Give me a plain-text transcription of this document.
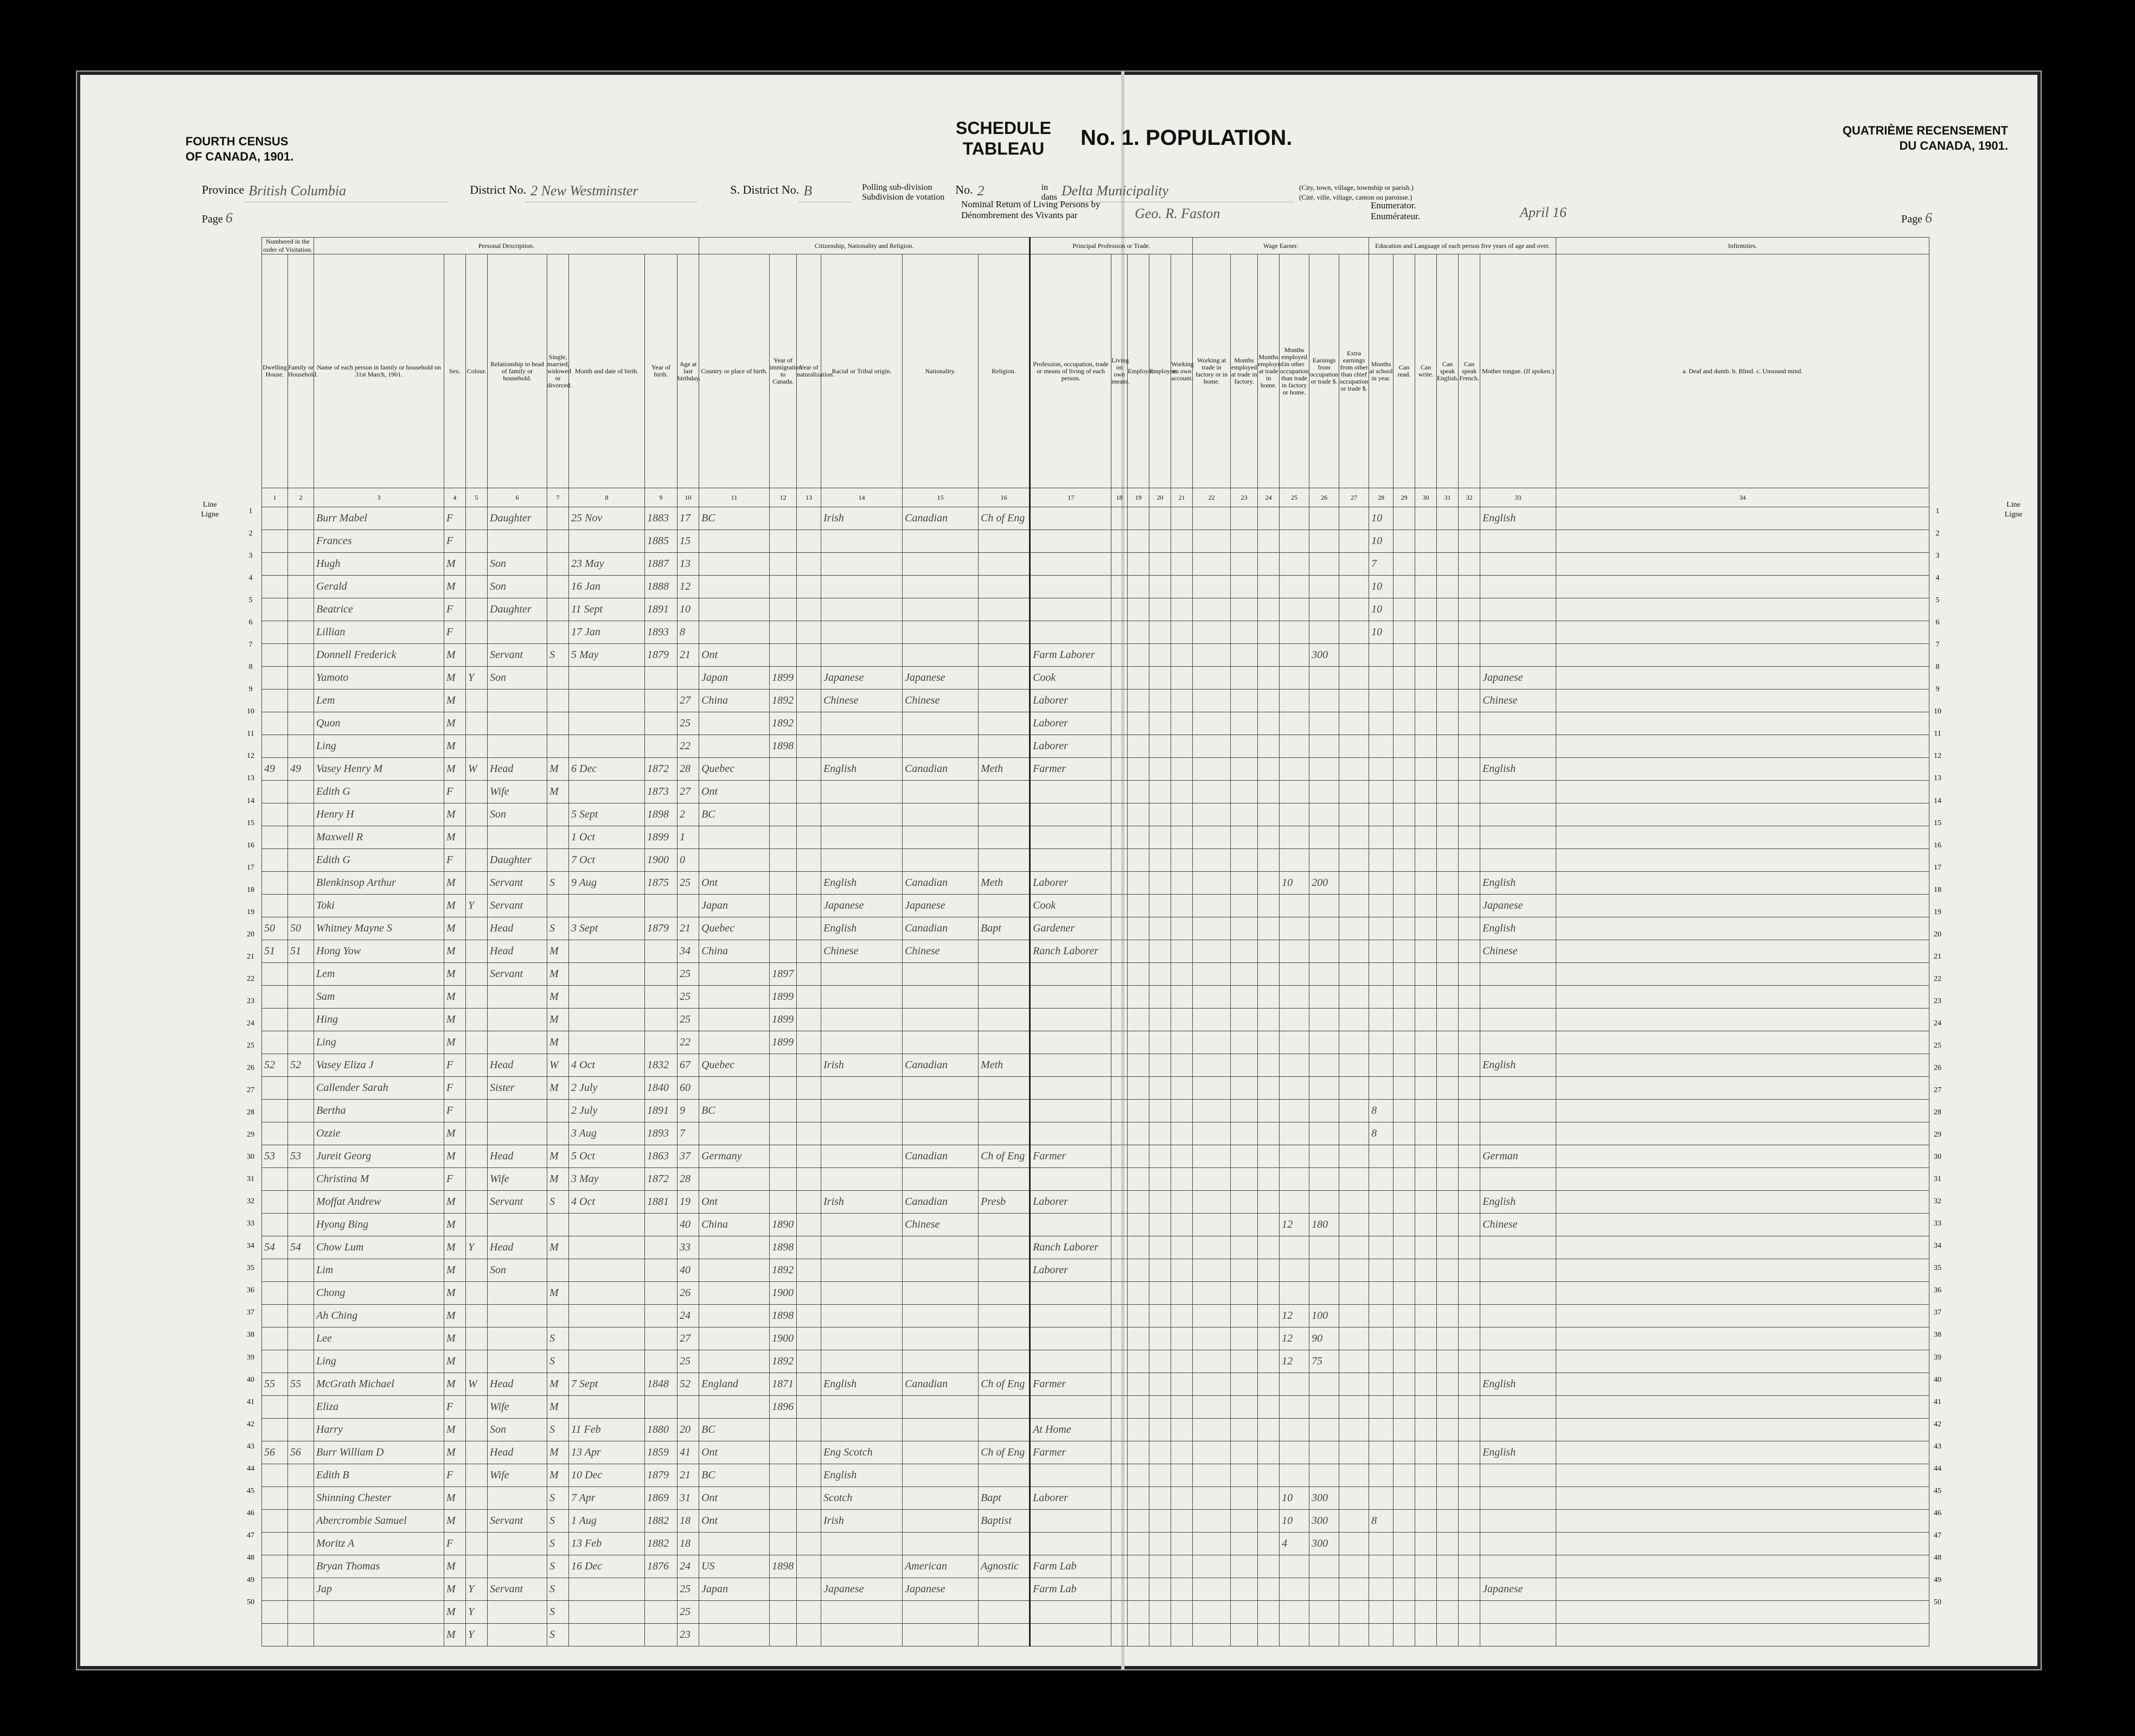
FOURTH CENSUS
OF CANADA, 1901.
SCHEDULE
TABLEAU	No. 1. POPULATION.	QUATRIÈME RECENSEMENT
DU CANADA, 1901.
Province British Columbia	District No. 2 New Westminster	S. District No. B	Polling sub-division
Subdivision de votation
No. 2	in
dans Delta Municipality	(City, town, village, township or parish.)
(Cité, ville, village, canton ou paroisse.)
Page 6
Nominal Return of Living Persons by
Dénombrement des Vivants par	Geo. R. Faston
Enumerator.
Enumérateur.	April 16	Page 6
Line Ligne
Line Ligne
Numbered in the order of Visitation.		Personal Description.								Citizenship, Nationality and Religion.						Principal Profession or Trade.					Wage Earner.						Education and Language of each person five years of age and over.						Infirmities.
Dwelling House.	Family or Household.	Name of each person in family or household on 31st March, 1901.	Sex.	Colour.	Relationship to head of family or household.	Single, married, widowed or divorced.	Month and date of birth.	Year of birth.	Age at last birthday.	Country or place of birth.	Year of immigration to Canada.	Year of naturalization.	Racial or Tribal origin.	Nationality.	Religion.	Profession, occupation, trade or means of living of each person.	Living on own means.	Employer.	Employee.	Working on own account.	Working at trade in factory or in home.	Months employed at trade in factory.	Months employed at trade in home.	Months employed in other occupation than trade in factory or home.	Earnings from occupation or trade $.	Extra earnings from other than chief occupation or trade $.	Months at school in year.	Can read.	Can write.	Can speak English.	Can speak French.	Mother tongue. (If spoken.)	a. Deaf and dumb. b. Blind. c. Unsound mind.
1	2	3	4	5	6	7	8	9	10	11	12	13	14	15	16	17	18	19	20	21	22	23	24	25	26	27	28	29	30	31	32	33	34
		Burr Mabel	F		Daughter		25 Nov	1883	17	BC			Irish	Canadian	Ch of Eng												10					English	
		Frances	F					1885	15																		10						
		Hugh	M		Son		23 May	1887	13																		7						
		Gerald	M		Son		16 Jan	1888	12																		10						
		Beatrice	F		Daughter		11 Sept	1891	10																		10						
		Lillian	F				17 Jan	1893	8																		10						
		Donnell Frederick	M		Servant	S	5 May	1879	21	Ont						Farm Laborer									300								
		Yamoto	M	Y	Son					Japan	1899		Japanese	Japanese		Cook																Japanese	
		Lem	M						27	China	1892		Chinese	Chinese		Laborer																Chinese	
		Quon	M						25		1892					Laborer																	
		Ling	M						22		1898					Laborer																	
49	49	Vasey Henry M	M	W	Head	M	6 Dec	1872	28	Quebec			English	Canadian	Meth	Farmer																English	
		Edith G	F		Wife	M		1873	27	Ont																							
		Henry H	M		Son		5 Sept	1898	2	BC																							
		Maxwell R	M				1 Oct	1899	1																								
		Edith G	F		Daughter		7 Oct	1900	0																								
		Blenkinsop Arthur	M		Servant	S	9 Aug	1875	25	Ont			English	Canadian	Meth	Laborer								10	200							English	
		Toki	M	Y	Servant					Japan			Japanese	Japanese		Cook																Japanese	
50	50	Whitney Mayne S	M		Head	S	3 Sept	1879	21	Quebec			English	Canadian	Bapt	Gardener																English	
51	51	Hong Yow	M		Head	M			34	China			Chinese	Chinese		Ranch Laborer																Chinese	
		Lem	M		Servant	M			25		1897																						
		Sam	M			M			25		1899																						
		Hing	M			M			25		1899																						
		Ling	M			M			22		1899																						
52	52	Vasey Eliza J	F		Head	W	4 Oct	1832	67	Quebec			Irish	Canadian	Meth																	English	
		Callender Sarah	F		Sister	M	2 July	1840	60																								
		Bertha	F				2 July	1891	9	BC																	8						
		Ozzie	M				3 Aug	1893	7																		8						
53	53	Jureit Georg	M		Head	M	5 Oct	1863	37	Germany				Canadian	Ch of Eng	Farmer																German	
		Christina M	F		Wife	M	3 May	1872	28																								
		Moffat Andrew	M		Servant	S	4 Oct	1881	19	Ont			Irish	Canadian	Presb	Laborer																English	
		Hyong Bing	M						40	China	1890			Chinese										12	180							Chinese	
54	54	Chow Lum	M	Y	Head	M			33		1898					Ranch Laborer																	
		Lim	M		Son				40		1892					Laborer																	
		Chong	M			M			26		1900																						
		Ah Ching	M						24		1898													12	100								
		Lee	M			S			27		1900													12	90								
		Ling	M			S			25		1892													12	75								
55	55	McGrath Michael	M	W	Head	M	7 Sept	1848	52	England	1871		English	Canadian	Ch of Eng	Farmer																English	
		Eliza	F		Wife	M					1896																						
		Harry	M		Son	S	11 Feb	1880	20	BC						At Home																	
56	56	Burr William D	M		Head	M	13 Apr	1859	41	Ont			Eng Scotch		Ch of Eng	Farmer																English	
		Edith B	F		Wife	M	10 Dec	1879	21	BC			English																				
		Shinning Chester	M			S	7 Apr	1869	31	Ont			Scotch		Bapt	Laborer								10	300								
		Abercrombie Samuel	M		Servant	S	1 Aug	1882	18	Ont			Irish		Baptist									10	300		8						
		Moritz A	F			S	13 Feb	1882	18															4	300								
		Bryan Thomas	M			S	16 Dec	1876	24	US	1898			American	Agnostic	Farm Lab																	
		Jap	M	Y	Servant	S			25	Japan			Japanese	Japanese		Farm Lab																Japanese	
			M	Y		S			25																								
			M	Y		S			23																								
1	1
2	2
3	3
4	4
5	5
6	6
7	7
8	8
9	9
10	10
11	11
12	12
13	13
14	14
15	15
16	16
17	17
18	18
19	19
20	20
21	21
22	22
23	23
24	24
25	25
26	26
27	27
28	28
29	29
30	30
31	31
32	32
33	33
34	34
35	35
36	36
37	37
38	38
39	39
40	40
41	41
42	42
43	43
44	44
45	45
46	46
47	47
48	48
49	49
50	50
